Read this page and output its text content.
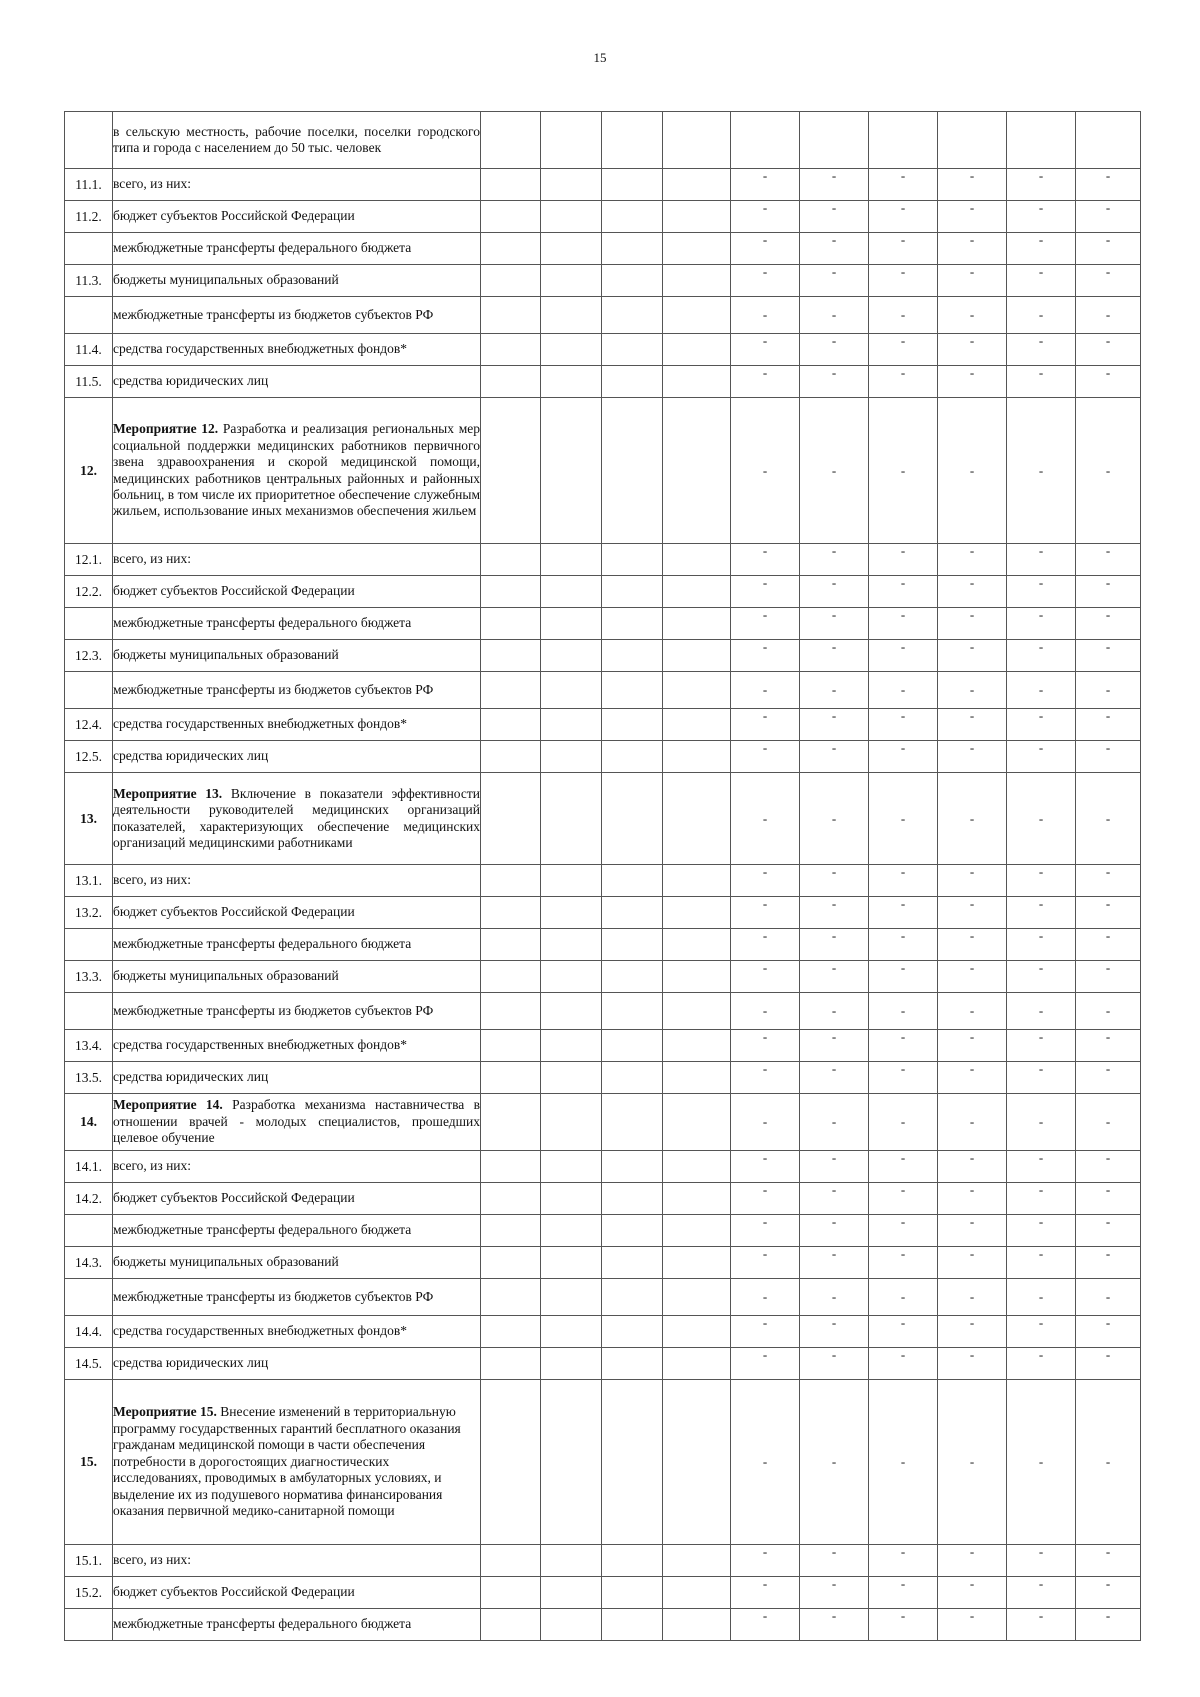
15
	в сельскую местность, рабочие поселки, поселки городского типа и города с населением до 50 тыс. человек										
11.1.	всего, из них:					-	-	-	-	-	-
11.2.	бюджет субъектов Российской Федерации					-	-	-	-	-	-
	межбюджетные трансферты федерального бюджета					-	-	-	-	-	-
11.3.	бюджеты муниципальных образований					-	-	-	-	-	-
	межбюджетные трансферты из бюджетов субъектов РФ					-	-	-	-	-	-
11.4.	средства государственных внебюджетных фондов*					-	-	-	-	-	-
11.5.	средства юридических лиц					-	-	-	-	-	-
12.	Мероприятие 12. Разработка и реализация региональных мер социальной поддержки медицинских работников первичного звена здравоохранения и скорой медицинской помощи, медицинских работников центральных районных и районных больниц, в том числе их приоритетное обеспечение служебным жильем, использование иных механизмов обеспечения жильем					-	-	-	-	-	-
12.1.	всего, из них:					-	-	-	-	-	-
12.2.	бюджет субъектов Российской Федерации					-	-	-	-	-	-
	межбюджетные трансферты федерального бюджета					-	-	-	-	-	-
12.3.	бюджеты муниципальных образований					-	-	-	-	-	-
	межбюджетные трансферты из бюджетов субъектов РФ					-	-	-	-	-	-
12.4.	средства государственных внебюджетных фондов*					-	-	-	-	-	-
12.5.	средства юридических лиц					-	-	-	-	-	-
13.	Мероприятие 13. Включение в показатели эффективности деятельности руководителей медицинских организаций показателей, характеризующих обеспечение медицинских организаций медицинскими работниками					-	-	-	-	-	-
13.1.	всего, из них:					-	-	-	-	-	-
13.2.	бюджет субъектов Российской Федерации					-	-	-	-	-	-
	межбюджетные трансферты федерального бюджета					-	-	-	-	-	-
13.3.	бюджеты муниципальных образований					-	-	-	-	-	-
	межбюджетные трансферты из бюджетов субъектов РФ					-	-	-	-	-	-
13.4.	средства государственных внебюджетных фондов*					-	-	-	-	-	-
13.5.	средства юридических лиц					-	-	-	-	-	-
14.	Мероприятие 14. Разработка механизма наставничества в отношении врачей - молодых специалистов, прошедших целевое обучение					-	-	-	-	-	-
14.1.	всего, из них:					-	-	-	-	-	-
14.2.	бюджет субъектов Российской Федерации					-	-	-	-	-	-
	межбюджетные трансферты федерального бюджета					-	-	-	-	-	-
14.3.	бюджеты муниципальных образований					-	-	-	-	-	-
	межбюджетные трансферты из бюджетов субъектов РФ					-	-	-	-	-	-
14.4.	средства государственных внебюджетных фондов*					-	-	-	-	-	-
14.5.	средства юридических лиц					-	-	-	-	-	-
15.	Мероприятие 15. Внесение изменений в территориальную программу государственных гарантий бесплатного оказания гражданам медицинской помощи в части обеспечения потребности в дорогостоящих диагностических исследованиях, проводимых в амбулаторных условиях, и выделение их из подушевого норматива финансирования оказания первичной медико-санитарной помощи					-	-	-	-	-	-
15.1.	всего, из них:					-	-	-	-	-	-
15.2.	бюджет субъектов Российской Федерации					-	-	-	-	-	-
	межбюджетные трансферты федерального бюджета					-	-	-	-	-	-
